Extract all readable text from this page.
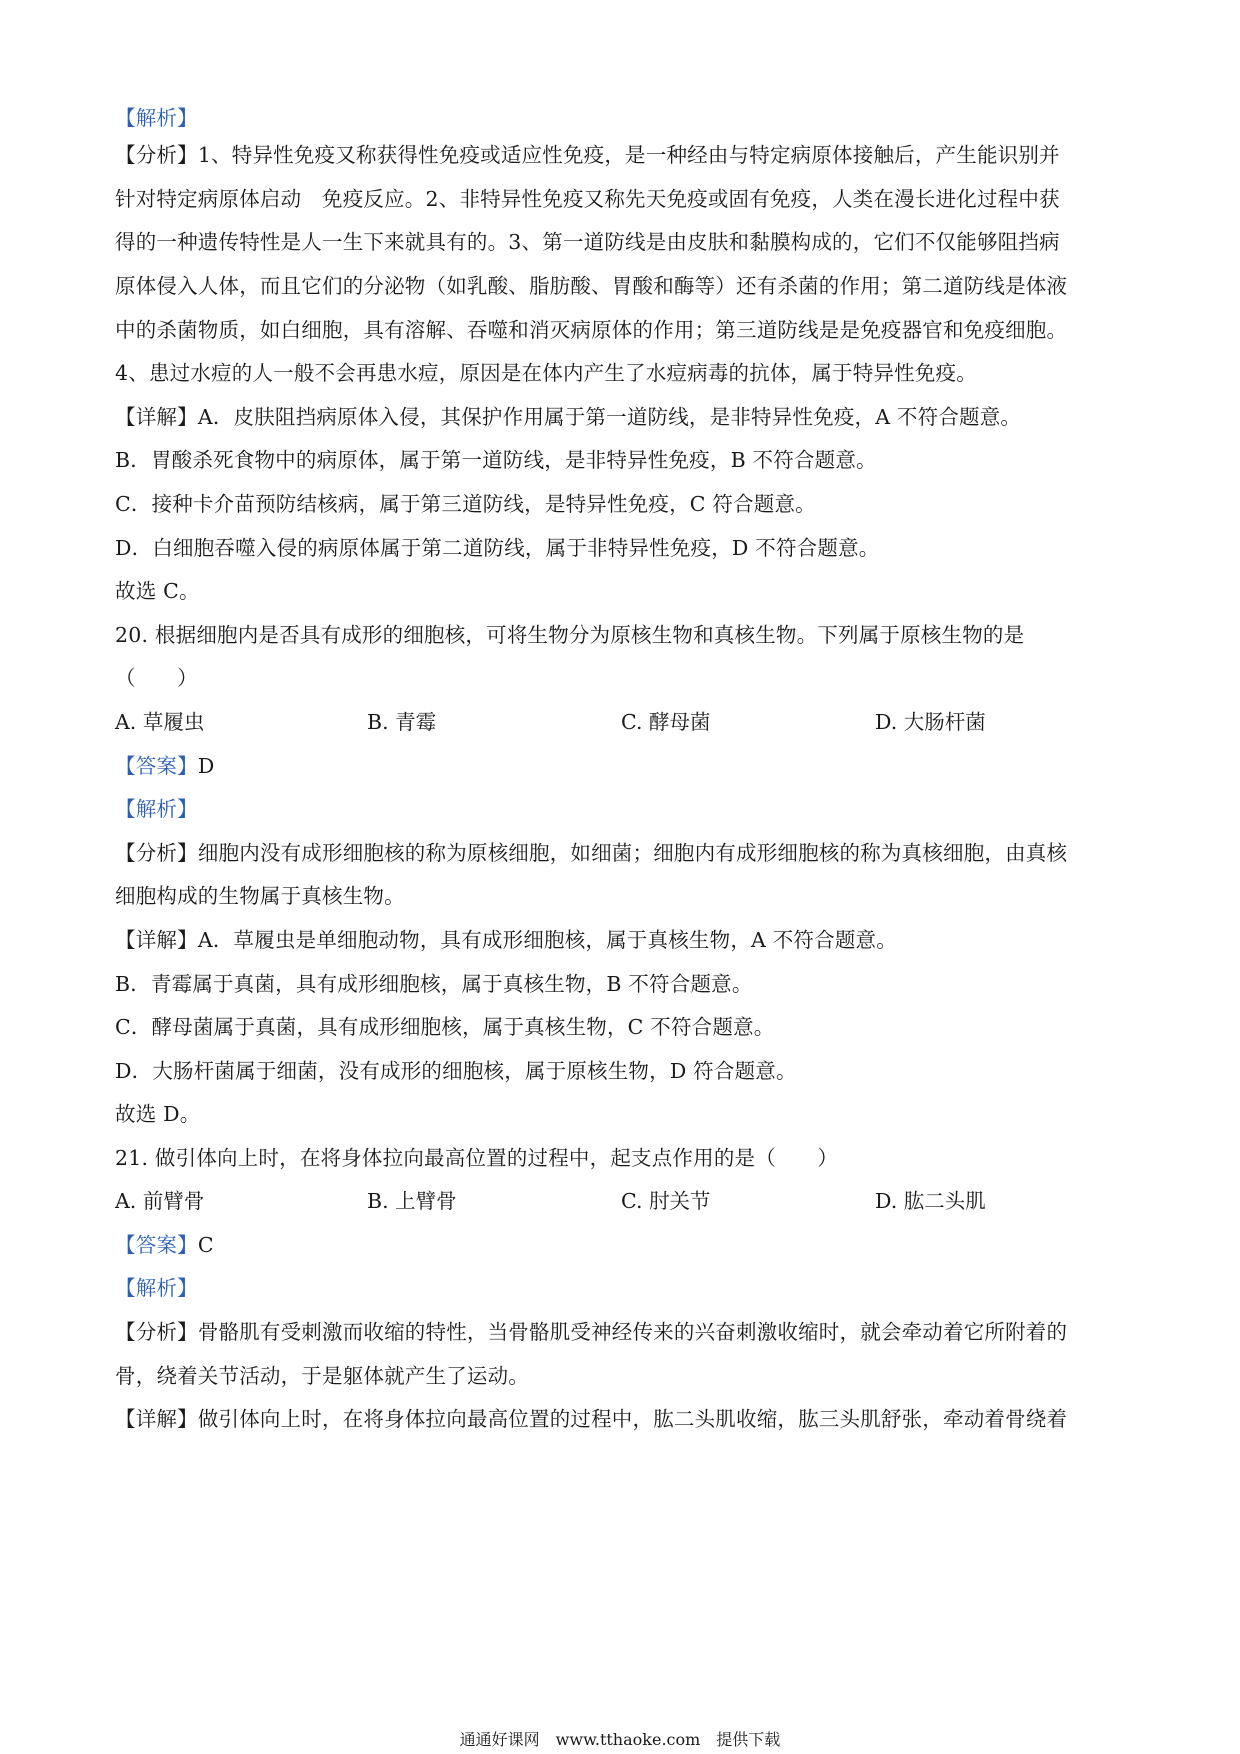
【解析】
【分析】1、特异性免疫又称获得性免疫或适应性免疫，是一种经由与特定病原体接触后，产生能识别并
针对特定病原体启动　免疫反应。2、非特异性免疫又称先天免疫或固有免疫，人类在漫长进化过程中获
得的一种遗传特性是人一生下来就具有的。3、第一道防线是由皮肤和黏膜构成的，它们不仅能够阻挡病
原体侵入人体，而且它们的分泌物（如乳酸、脂肪酸、胃酸和酶等）还有杀菌的作用；第二道防线是体液
中的杀菌物质，如白细胞，具有溶解、吞噬和消灭病原体的作用；第三道防线是是免疫器官和免疫细胞。
4、患过水痘的人一般不会再患水痘，原因是在体内产生了水痘病毒的抗体，属于特异性免疫。
【详解】A．皮肤阻挡病原体入侵，其保护作用属于第一道防线，是非特异性免疫，A 不符合题意。
B．胃酸杀死食物中的病原体，属于第一道防线，是非特异性免疫，B 不符合题意。
C．接种卡介苗预防结核病，属于第三道防线，是特异性免疫，C 符合题意。
D．白细胞吞噬入侵的病原体属于第二道防线，属于非特异性免疫，D 不符合题意。
故选 C。
20. 根据细胞内是否具有成形的细胞核，可将生物分为原核生物和真核生物。下列属于原核生物的是
（　　）
A. 草履虫	B. 青霉	C. 酵母菌	D. 大肠杆菌
【答案】D
【解析】
【分析】细胞内没有成形细胞核的称为原核细胞，如细菌；细胞内有成形细胞核的称为真核细胞，由真核
细胞构成的生物属于真核生物。
【详解】A．草履虫是单细胞动物，具有成形细胞核，属于真核生物，A 不符合题意。
B．青霉属于真菌，具有成形细胞核，属于真核生物，B 不符合题意。
C．酵母菌属于真菌，具有成形细胞核，属于真核生物，C 不符合题意。
D．大肠杆菌属于细菌，没有成形的细胞核，属于原核生物，D 符合题意。
故选 D。
21. 做引体向上时，在将身体拉向最高位置的过程中，起支点作用的是（　　）
A. 前臂骨	B. 上臂骨	C. 肘关节	D. 肱二头肌
【答案】C
【解析】
【分析】骨骼肌有受刺激而收缩的特性，当骨骼肌受神经传来的兴奋刺激收缩时，就会牵动着它所附着的
骨，绕着关节活动，于是躯体就产生了运动。
【详解】做引体向上时，在将身体拉向最高位置的过程中，肱二头肌收缩，肱三头肌舒张，牵动着骨绕着
通通好课网　www.tthaoke.com　提供下载
